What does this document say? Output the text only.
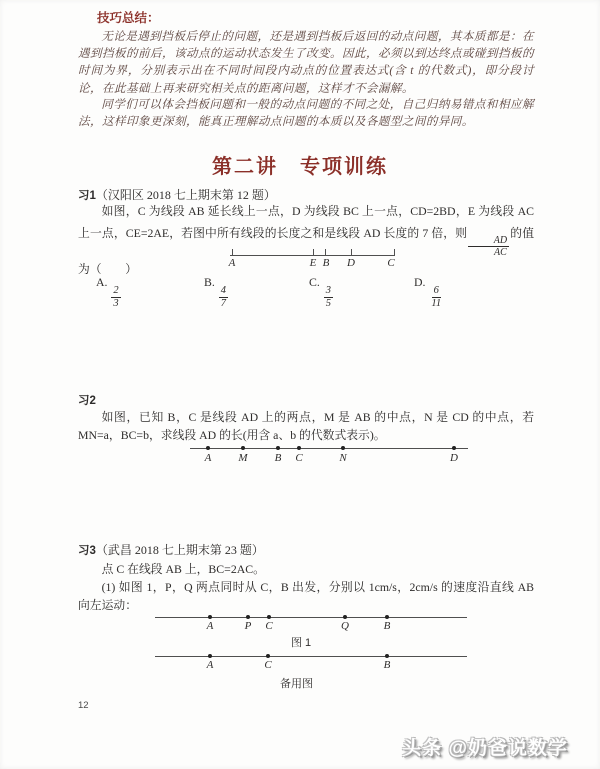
技巧总结：
无论是遇到挡板后停止的问题，还是遇到挡板后返回的动点问题，其本质都是：在遇到挡板的前后，该动点的运动状态发生了改变。因此，必须以到达终点或碰到挡板的时间为界，分别表示出在不同时间段内动点的位置表达式(含 t 的代数式)，即分段讨论，在此基础上再来研究相关点的距离问题，这样才不会漏解。
同学们可以体会挡板问题和一般的动点问题的不同之处，自己归纳易错点和相应解法，这样印象更深刻，能真正理解动点问题的本质以及各题型之间的异同。
第二讲　专项训练
习1（汉阳区 2018 七上期末第 12 题）
如图，C 为线段 AB 延长线上一点，D 为线段 BC 上一点，CD=2BD，E 为线段 AC 上一点，CE=2AE，若图中所有线段的长度之和是线段 AD 长度的 7 倍，则
$\frac{AD}{AC}$
的值为（　　）	A	E B D	C
A.
$\frac{2}{3}$
B.
$\frac{4}{7}$
C.
$\frac{3}{5}$
D.
$\frac{6}{11}$
习2
如图，已知 B，C 是线段 AD 上的两点，M 是 AB 的中点，N 是 CD 的中点，若 MN=a，BC=b，求线段 AD 的长(用含 a、b 的代数式表示)。
A M B C	N	D
习3（武昌 2018 七上期末第 23 题）
点 C 在线段 AB 上，BC=2AC。
(1) 如图 1，P，Q 两点同时从 C，B 出发，分别以 1cm/s，2cm/s 的速度沿直线 AB 向左运动：
A	P C	Q	B
图 1
A	C	B
备用图
12
头条 @奶爸说数学
